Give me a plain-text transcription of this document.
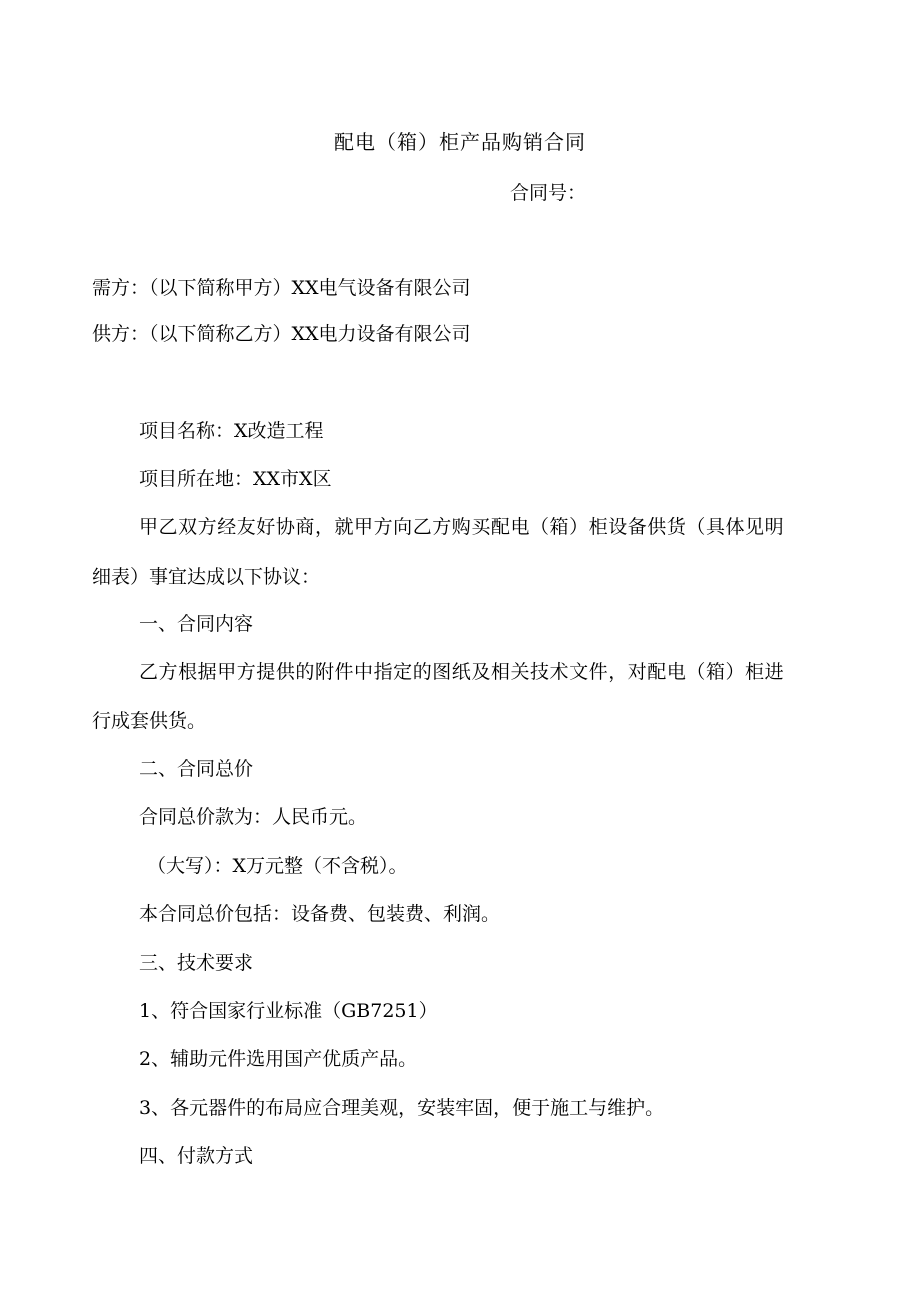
配电（箱）柜产品购销合同

合同号：

需方：（以下简称甲方）XX电气设备有限公司

供方：（以下简称乙方）XX电力设备有限公司

项目名称：X改造工程

项目所在地：XX市X区

甲乙双方经友好协商，就甲方向乙方购买配电（箱）柜设备供货（具体见明

细表）事宜达成以下协议：

一、合同内容

乙方根据甲方提供的附件中指定的图纸及相关技术文件，对配电（箱）柜进

行成套供货。

二、合同总价

合同总价款为：人民币元。

（大写）：X万元整（不含税）。

本合同总价包括：设备费、包装费、利润。

三、技术要求

1、符合国家行业标准（GB7251）

2、辅助元件选用国产优质产品。

3、各元器件的布局应合理美观，安装牢固，便于施工与维护。

四、付款方式
